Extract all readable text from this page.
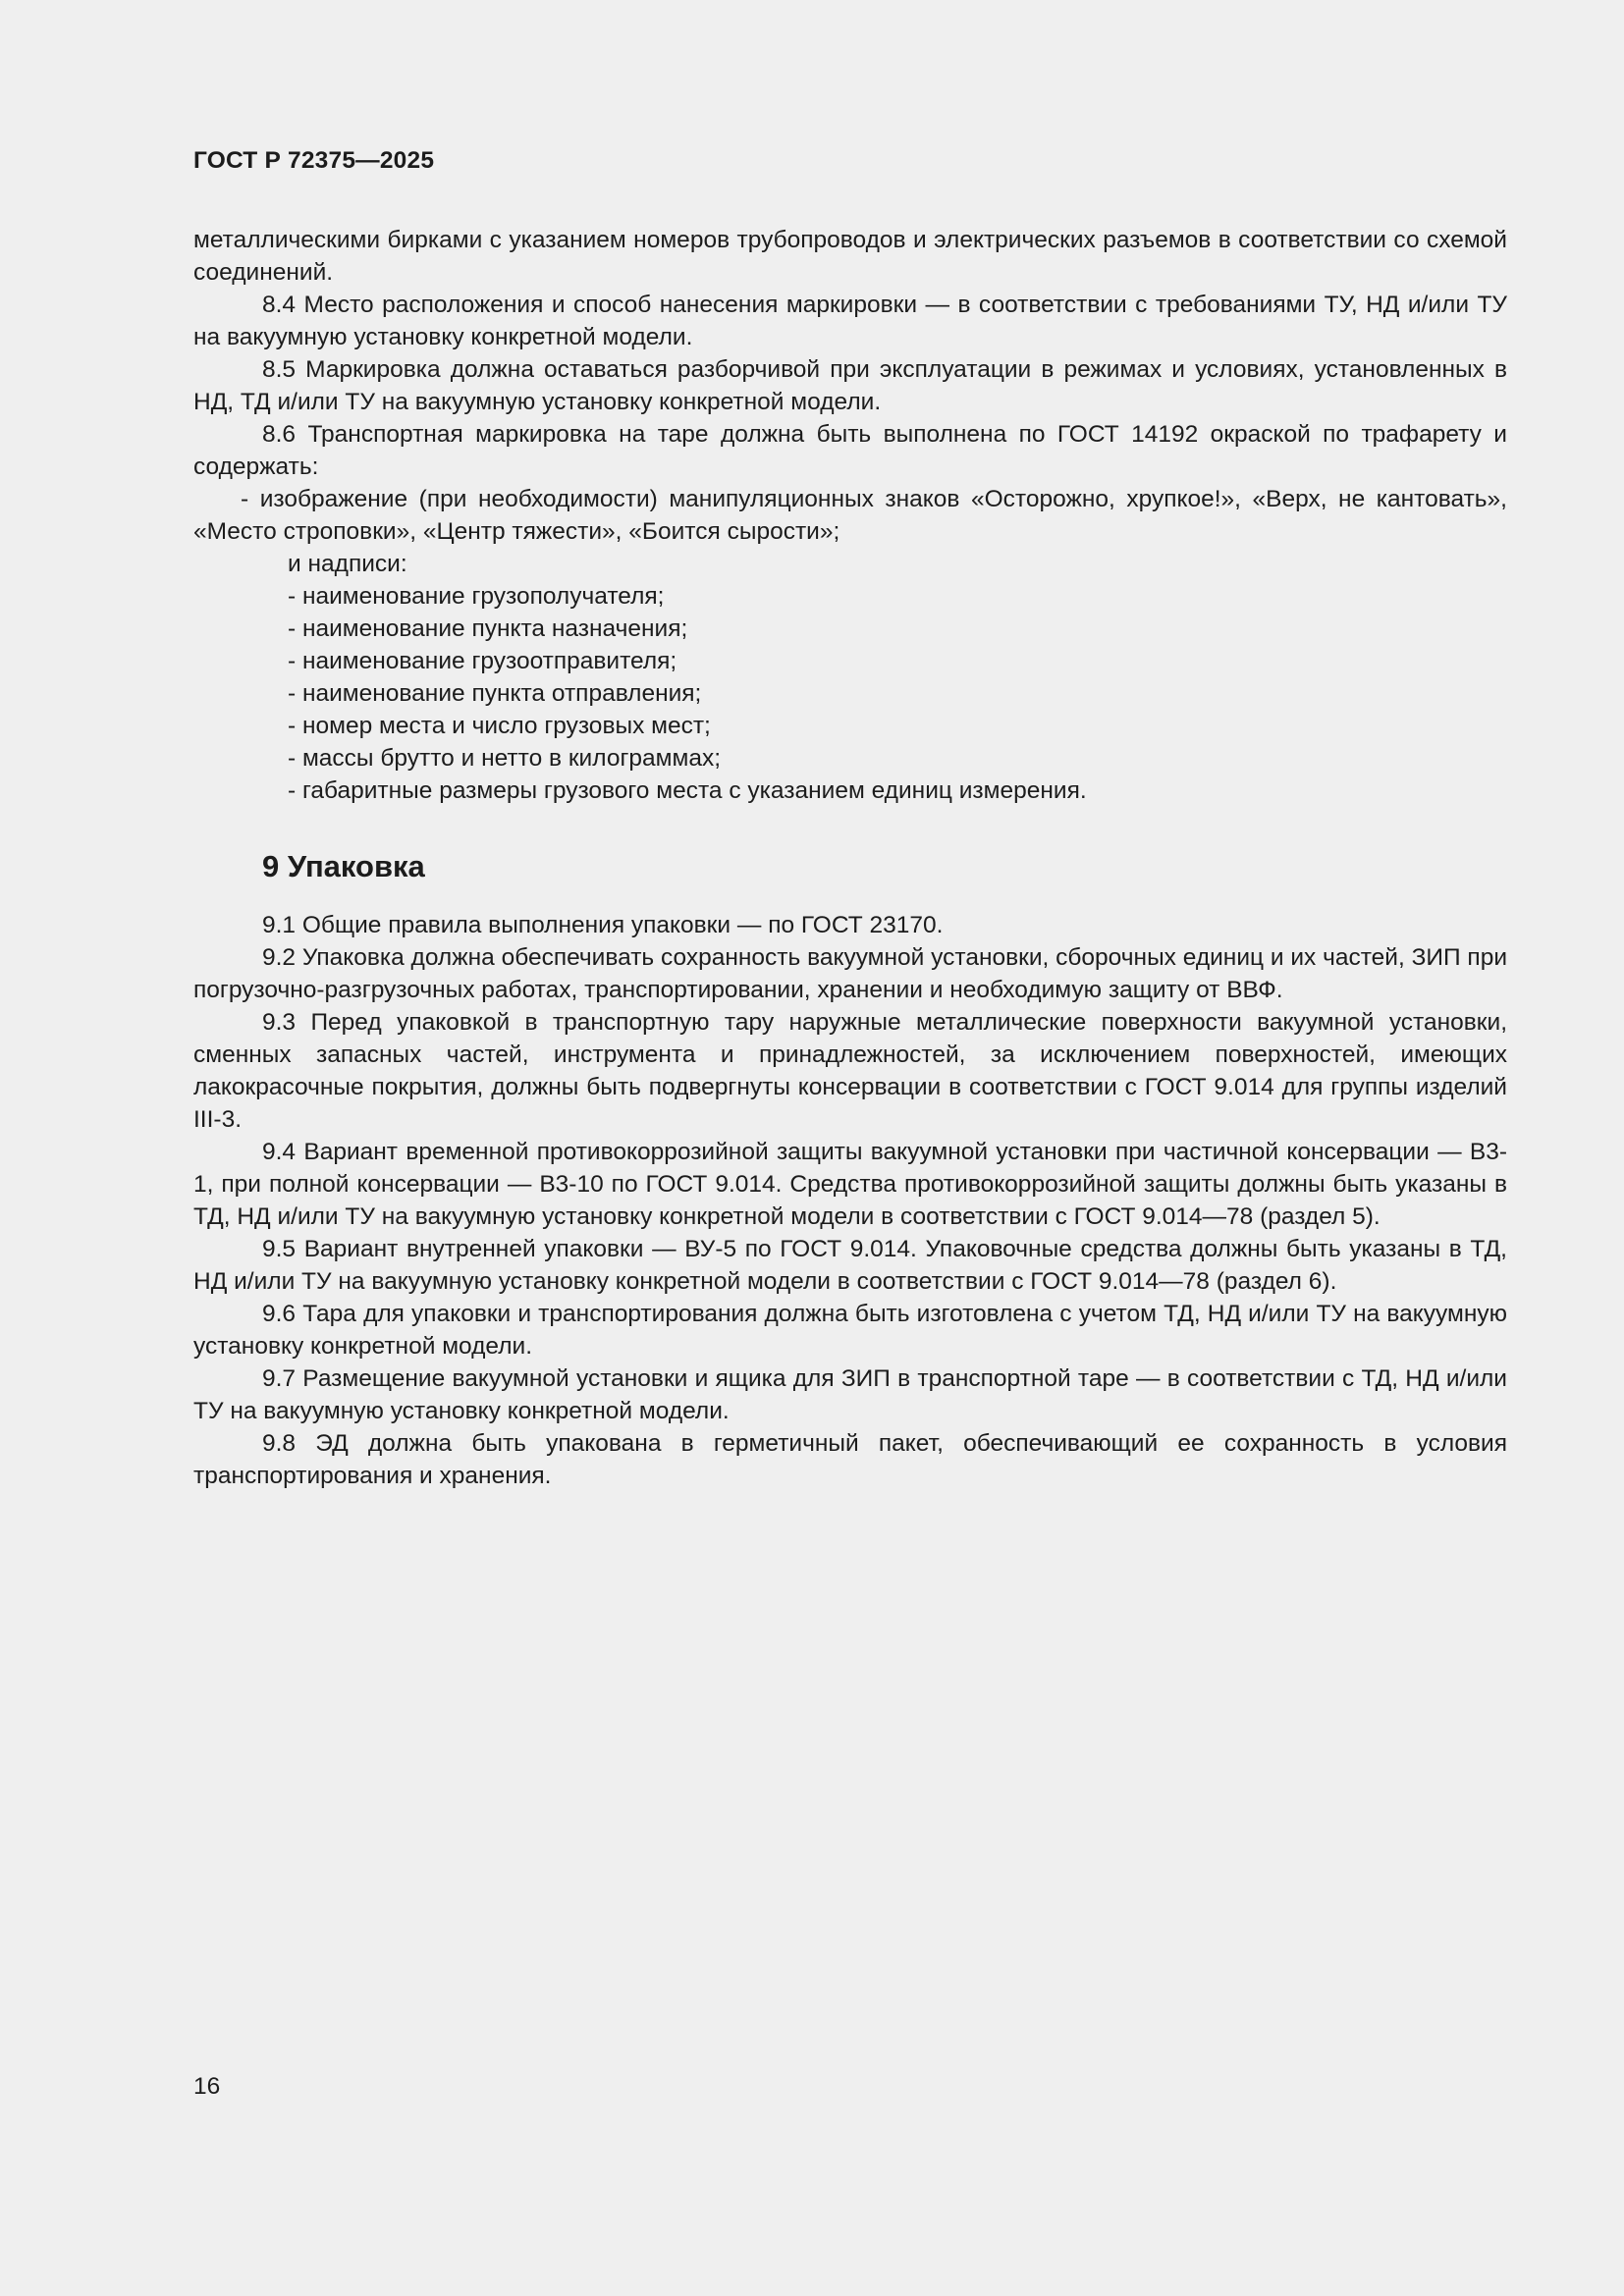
ГОСТ Р 72375—2025

металлическими бирками с указанием номеров трубопроводов и электрических разъемов в соответствии со схемой соединений.

8.4 Место расположения и способ нанесения маркировки — в соответствии с требованиями ТУ, НД и/или ТУ на вакуумную установку конкретной модели.

8.5 Маркировка должна оставаться разборчивой при эксплуатации в режимах и условиях, установленных в НД, ТД и/или ТУ на вакуумную установку конкретной модели.

8.6 Транспортная маркировка на таре должна быть выполнена по ГОСТ 14192 окраской по трафарету и содержать:

- изображение (при необходимости) манипуляционных знаков «Осторожно, хрупкое!», «Верх, не кантовать», «Место строповки», «Центр тяжести», «Боится сырости»;

и надписи:

- наименование грузополучателя;

- наименование пункта назначения;

- наименование грузоотправителя;

- наименование пункта отправления;

- номер места и число грузовых мест;

- массы брутто и нетто в килограммах;

- габаритные размеры грузового места с указанием единиц измерения.

9 Упаковка

9.1 Общие правила выполнения упаковки — по ГОСТ 23170.

9.2 Упаковка должна обеспечивать сохранность вакуумной установки, сборочных единиц и их частей, ЗИП при погрузочно-разгрузочных работах, транспортировании, хранении и необходимую защиту от ВВФ.

9.3 Перед упаковкой в транспортную тару наружные металлические поверхности вакуумной установки, сменных запасных частей, инструмента и принадлежностей, за исключением поверхностей, имеющих лакокрасочные покрытия, должны быть подвергнуты консервации в соответствии с ГОСТ 9.014 для группы изделий III-3.

9.4 Вариант временной противокоррозийной защиты вакуумной установки при частичной консервации — В3-1, при полной консервации — В3-10 по ГОСТ 9.014. Средства противокоррозийной защиты должны быть указаны в ТД, НД и/или ТУ на вакуумную установку конкретной модели в соответствии с ГОСТ 9.014—78 (раздел 5).

9.5 Вариант внутренней упаковки — ВУ-5 по ГОСТ 9.014. Упаковочные средства должны быть указаны в ТД, НД и/или ТУ на вакуумную установку конкретной модели в соответствии с ГОСТ 9.014—78 (раздел 6).

9.6 Тара для упаковки и транспортирования должна быть изготовлена с учетом ТД, НД и/или ТУ на вакуумную установку конкретной модели.

9.7 Размещение вакуумной установки и ящика для ЗИП в транспортной таре — в соответствии с ТД, НД и/или ТУ на вакуумную установку конкретной модели.

9.8 ЭД должна быть упакована в герметичный пакет, обеспечивающий ее сохранность в условия транспортирования и хранения.

16
